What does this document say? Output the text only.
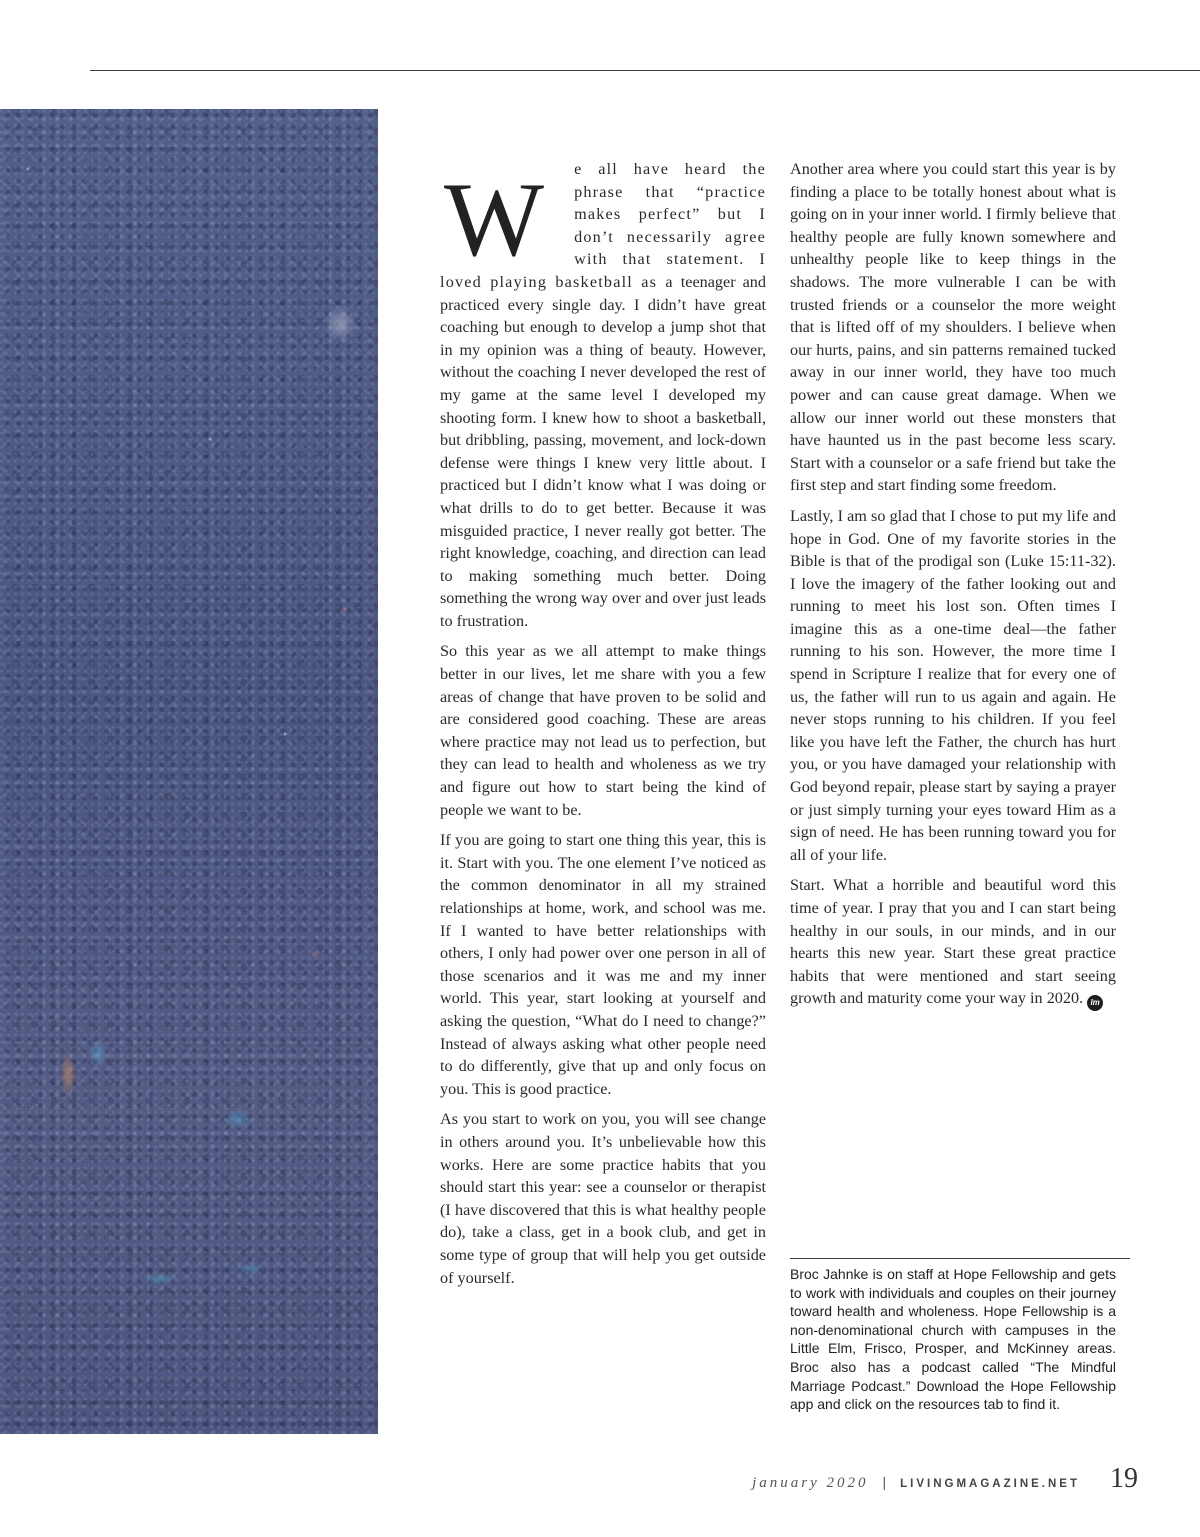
W e all have heard the phrase that “practice makes perfect” but I don’t necessarily agree with that statement. I loved playing basketball as a teenager and practiced every single day. I didn’t have great coaching but enough to develop a jump shot that in my opinion was a thing of beauty. However, without the coaching I never developed the rest of my game at the same level I developed my shooting form. I knew how to shoot a basketball, but dribbling, passing, movement, and lock-down defense were things I knew very little about. I practiced but I didn’t know what I was doing or what drills to do to get better. Because it was misguided practice, I never really got better. The right knowledge, coaching, and direction can lead to making something much better. Doing something the wrong way over and over just leads to frustration.

So this year as we all attempt to make things better in our lives, let me share with you a few areas of change that have proven to be solid and are considered good coaching. These are areas where practice may not lead us to perfection, but they can lead to health and wholeness as we try and figure out how to start being the kind of people we want to be.

If you are going to start one thing this year, this is it. Start with you. The one element I’ve noticed as the common denominator in all my strained relationships at home, work, and school was me. If I wanted to have better relationships with others, I only had power over one person in all of those scenarios and it was me and my inner world. This year, start looking at yourself and asking the question, “What do I need to change?” Instead of always asking what other people need to do differently, give that up and only focus on you. This is good practice.

As you start to work on you, you will see change in others around you. It’s unbelievable how this works. Here are some practice habits that you should start this year: see a counselor or therapist (I have discovered that this is what healthy people do), take a class, get in a book club, and get in some type of group that will help you get outside of yourself.

Another area where you could start this year is by finding a place to be totally honest about what is going on in your inner world. I firmly believe that healthy people are fully known somewhere and unhealthy people like to keep things in the shadows. The more vulnerable I can be with trusted friends or a counselor the more weight that is lifted off of my shoulders. I believe when our hurts, pains, and sin patterns remained tucked away in our inner world, they have too much power and can cause great damage. When we allow our inner world out these monsters that have haunted us in the past become less scary. Start with a counselor or a safe friend but take the first step and start finding some freedom.

Lastly, I am so glad that I chose to put my life and hope in God. One of my favorite stories in the Bible is that of the prodigal son (Luke 15:11-32). I love the imagery of the father looking out and running to meet his lost son. Often times I imagine this as a one-time deal—the father running to his son. However, the more time I spend in Scripture I realize that for every one of us, the father will run to us again and again. He never stops running to his children. If you feel like you have left the Father, the church has hurt you, or you have damaged your relationship with God beyond repair, please start by saying a prayer or just simply turning your eyes toward Him as a sign of need. He has been running toward you for all of your life.

Start. What a horrible and beautiful word this time of year. I pray that you and I can start being healthy in our souls, in our minds, and in our hearts this new year. Start these great practice habits that were mentioned and start seeing growth and maturity come your way in 2020. lm

Broc Jahnke is on staff at Hope Fellowship and gets to work with individuals and couples on their journey toward health and wholeness. Hope Fellowship is a non-denominational church with campuses in the Little Elm, Frisco, Prosper, and McKinney areas. Broc also has a podcast called “The Mindful Marriage Podcast.” Download the Hope Fellowship app and click on the resources tab to find it.
january 2020 | LIVINGMAGAZINE.NET 19
